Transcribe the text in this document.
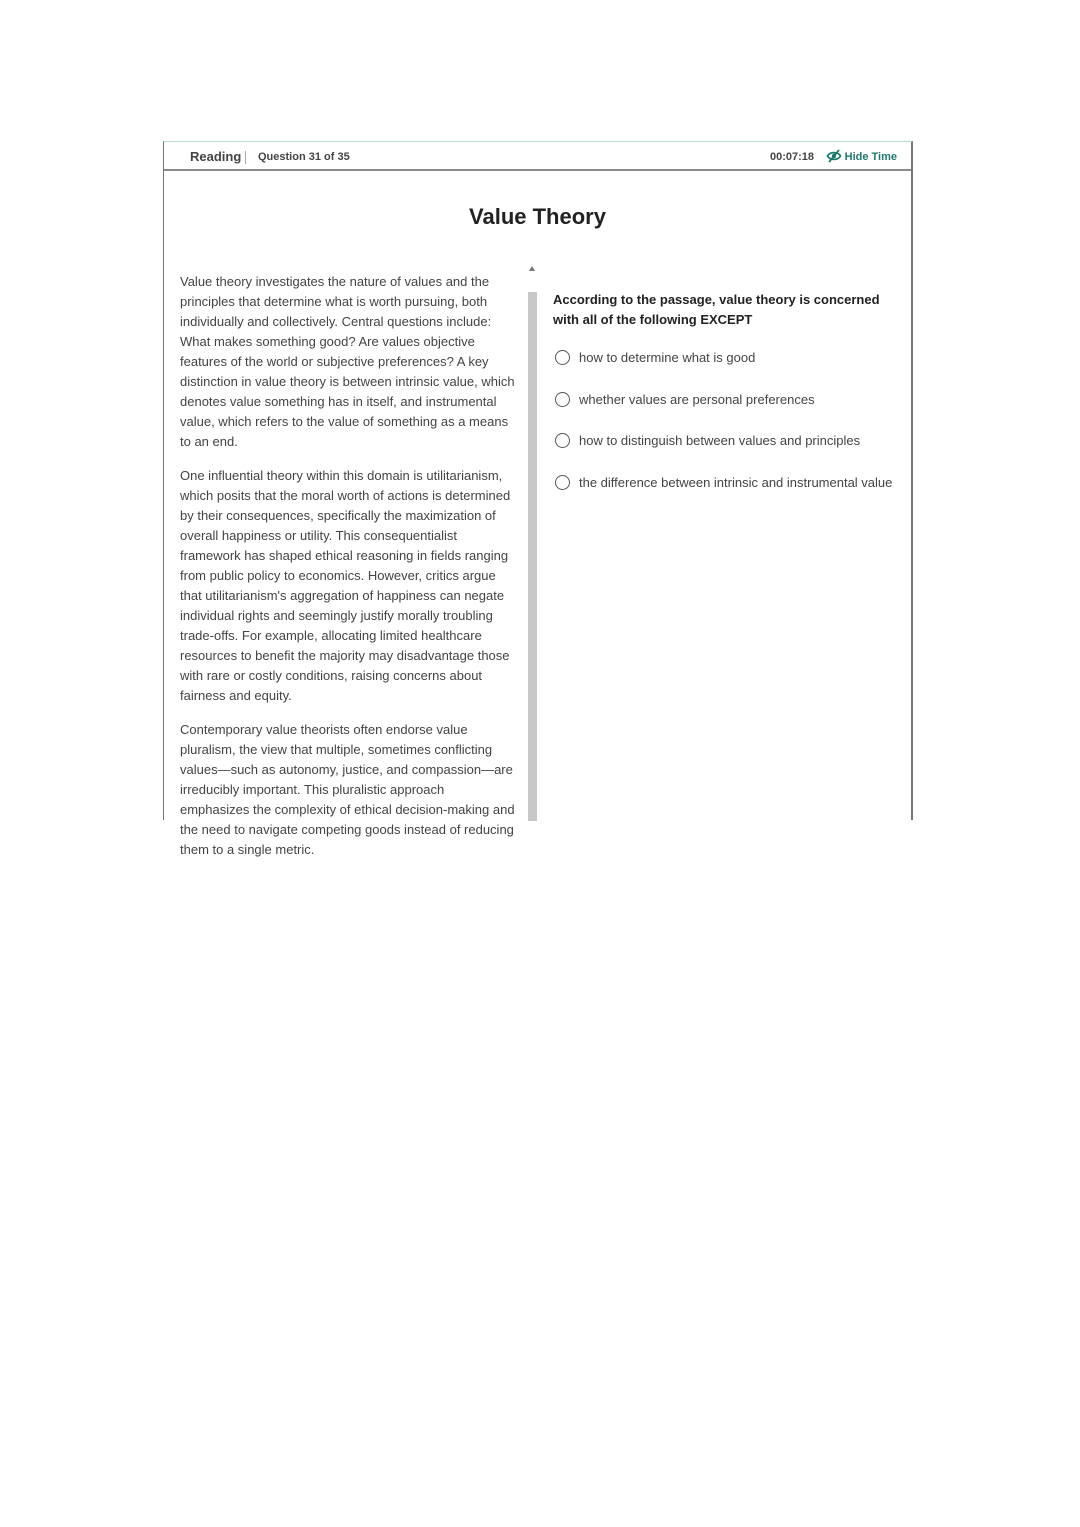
Reading Question 31 of 35	00:07:18	Hide Time
Value Theory

Value theory investigates the nature of values and the principles that determine what is worth pursuing, both individually and collectively. Central questions include: What makes something good? Are values objective features of the world or subjective preferences? A key distinction in value theory is between intrinsic value, which denotes value something has in itself, and instrumental value, which refers to the value of something as a means to an end.

One influential theory within this domain is utilitarianism, which posits that the moral worth of actions is determined by their consequences, specifically the maximization of overall happiness or utility. This consequentialist framework has shaped ethical reasoning in fields ranging from public policy to economics. However, critics argue that utilitarianism's aggregation of happiness can negate individual rights and seemingly justify morally troubling trade-offs. For example, allocating limited healthcare resources to benefit the majority may disadvantage those with rare or costly conditions, raising concerns about fairness and equity.

Contemporary value theorists often endorse value pluralism, the view that multiple, sometimes conflicting values—such as autonomy, justice, and compassion—are irreducibly important. This pluralistic approach emphasizes the complexity of ethical decision-making and the need to navigate competing goods instead of reducing them to a single metric.

According to the passage, value theory is concerned with all of the following EXCEPT
how to determine what is good
whether values are personal preferences
how to distinguish between values and principles
the difference between intrinsic and instrumental value
